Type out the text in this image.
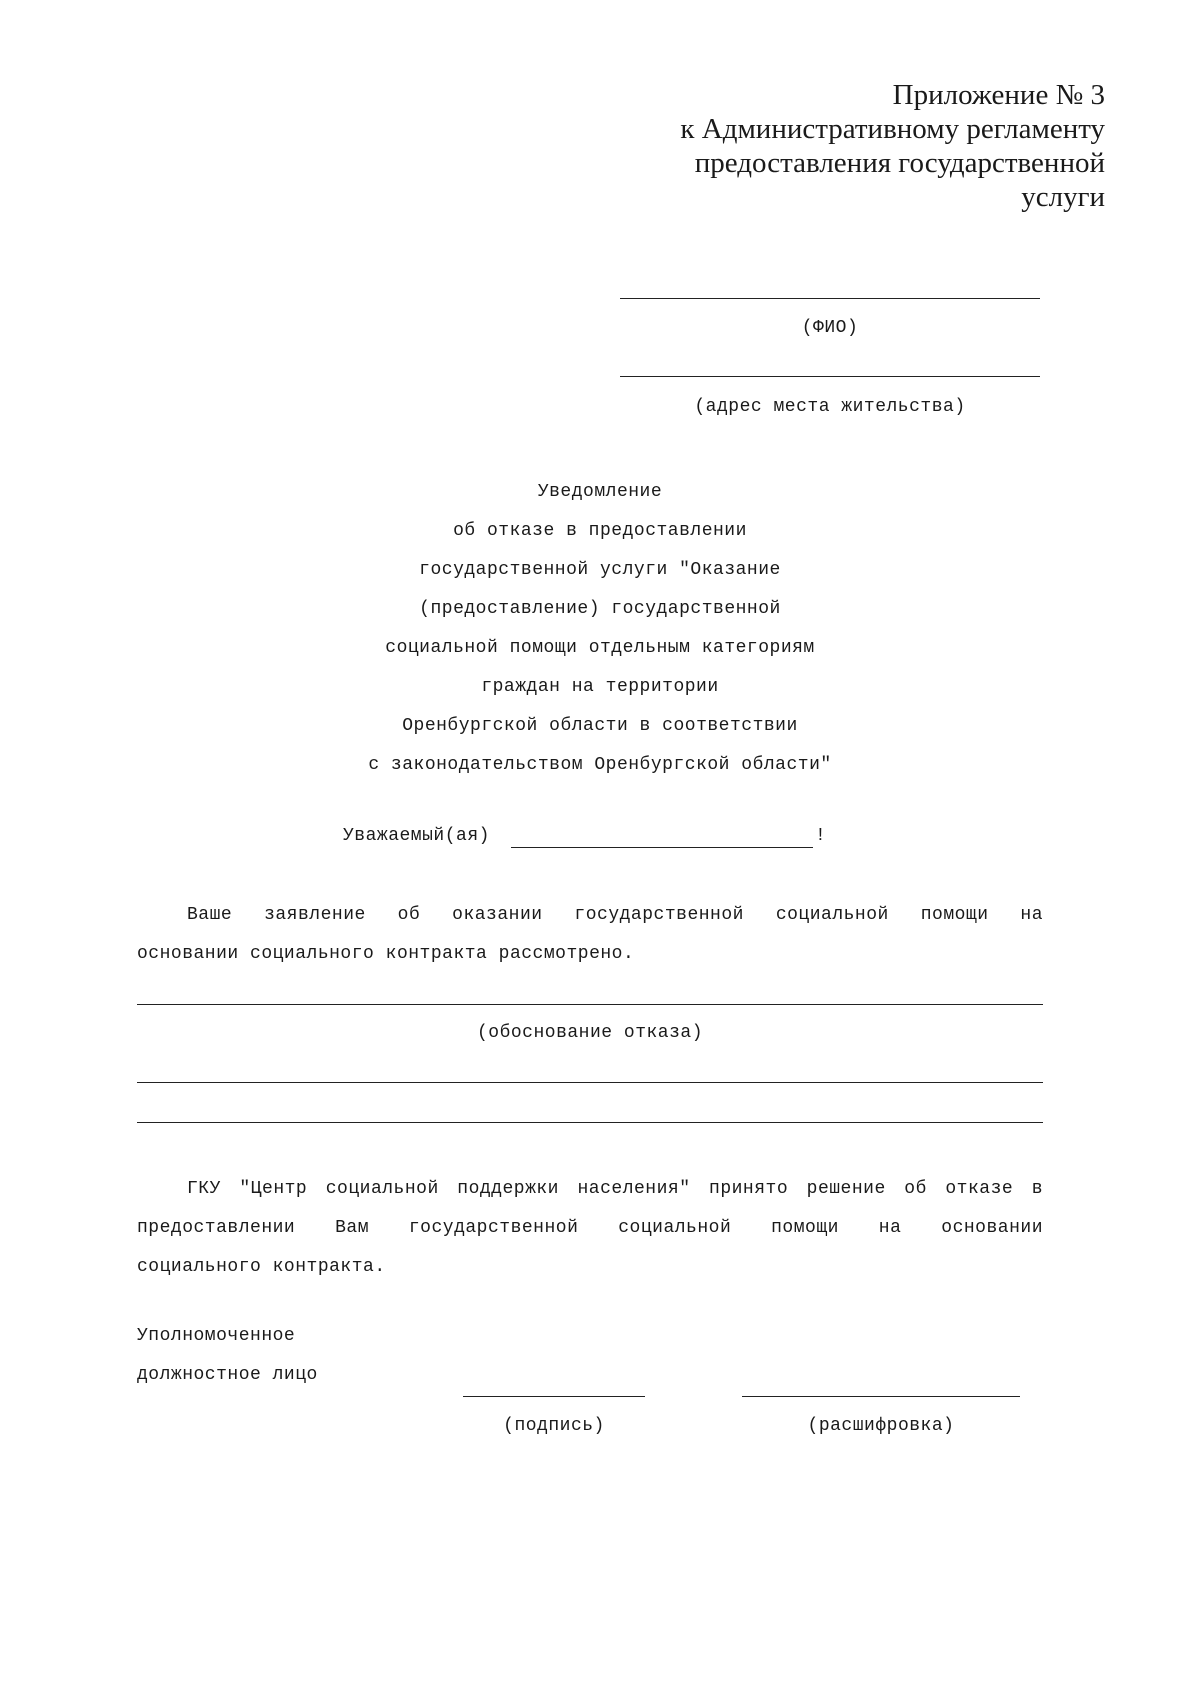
Приложение № 3
к Административному регламенту
предоставления государственной
услуги
(ФИО)
(адрес места жительства)
Уведомление
об отказе в предоставлении
государственной услуги "Оказание
(предоставление) государственной
социальной помощи отдельным категориям
граждан на территории
Оренбургской области в соответствии
с законодательством Оренбургской области"
Уважаемый(ая)	!
Ваше заявление об оказании государственной социальной помощи на
основании социального контракта рассмотрено.
(обоснование отказа)
ГКУ "Центр социальной поддержки населения" принято решение об отказе в
предоставлении Вам государственной социальной помощи на основании
социального контракта.
Уполномоченное
должностное лицо
(подпись)	(расшифровка)
